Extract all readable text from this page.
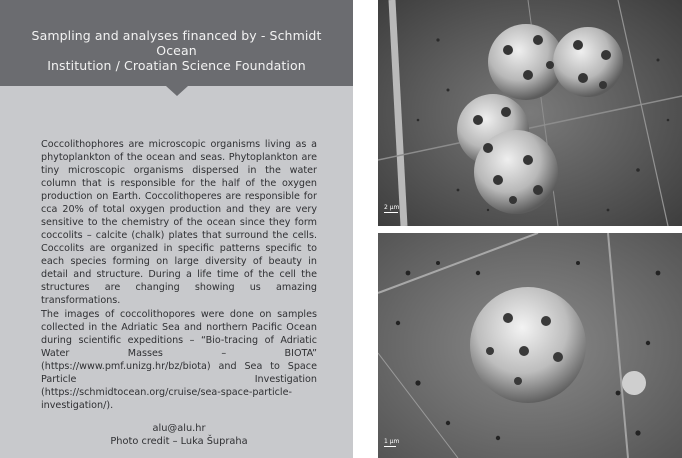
Sampling and analyses financed by - Schmidt Ocean
Institution / Croatian Science Foundation

Coccolithophores are microscopic organisms living as a phytoplankton of the ocean and seas. Phytoplankton are tiny microscopic organisms dispersed in the water column that is responsible for the half of the oxygen production on Earth. Coccolithoperes are responsible for cca 20% of total oxygen production and they are very sensitive to the chemistry of the ocean since they form coccolits – calcite (chalk) plates that surround the cells. Coccolits are organized in specific patterns specific to each species forming on large diversity of beauty in detail and structure. During a life time of the cell the structures are changing showing us amazing transformations.

The images of coccolithopores were done on samples collected in the Adriatic Sea and northern Pacific Ocean during scientific expeditions – “Bio-tracing of Adriatic Water Masses – BIOTA” (https://www.pmf.unizg.hr/bz/biota) and Sea to Space Particle Investigation (https://schmidtocean.org/cruise/sea-space-particle-investigation/).

alu@alu.hr
Photo credit – Luka Šupraha
2 µm
1 µm
